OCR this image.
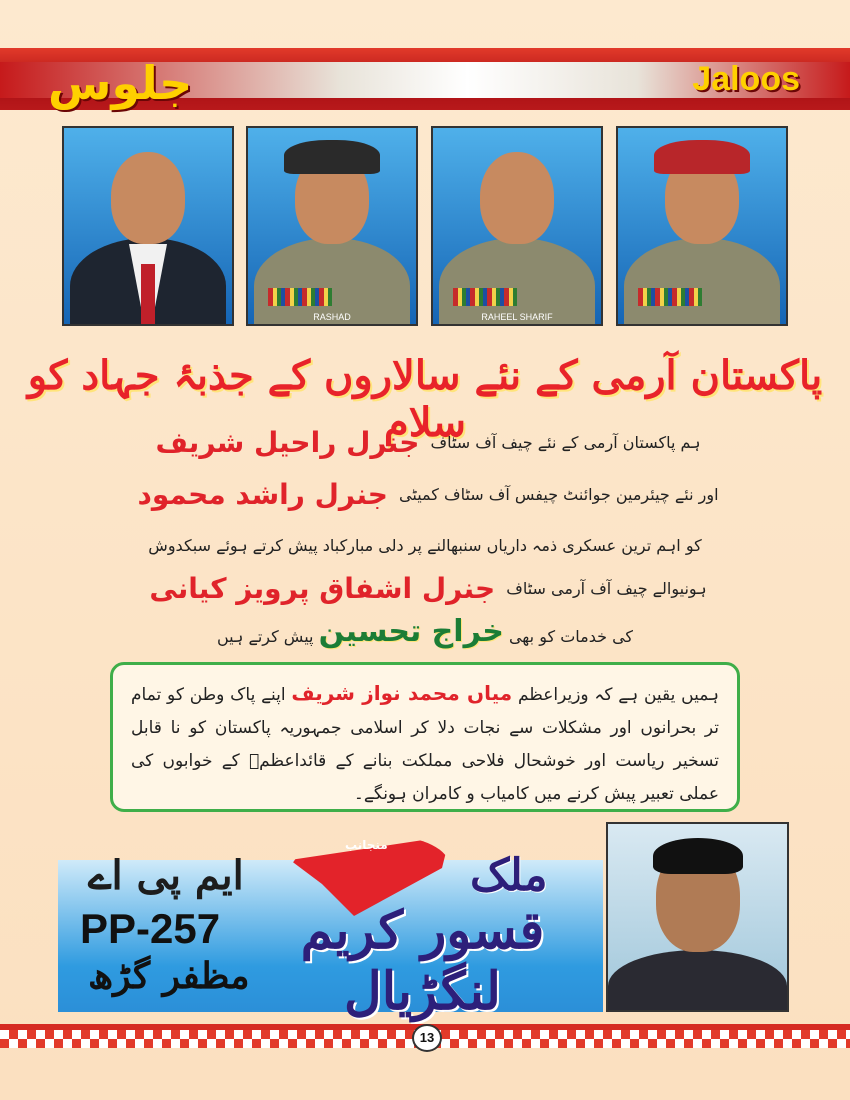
جلوس	Jaloos
RASHAD	RAHEEL SHARIF
پاکستان آرمی کے نئے سالاروں کے جذبۂ جہاد کو سلام
ہم پاکستان آرمی کے نئے چیف آف سٹاف جنرل راحیل شریف
اور نئے چیئرمین جوائنٹ چیفس آف سٹاف کمیٹی جنرل راشد محمود
کو اہم ترین عسکری ذمہ داریاں سنبھالنے پر دلی مبارکباد پیش کرتے ہوئے سبکدوش
ہونیوالے چیف آف آرمی سٹاف جنرل اشفاق پرویز کیانی
کی خدمات کو بھی خراج تحسین پیش کرتے ہیں
ہمیں یقین ہے کہ وزیراعظم میاں محمد نواز شریف اپنے پاک وطن کو تمام تر بحرانوں اور مشکلات سے نجات دلا کر اسلامی جمہوریہ پاکستان کو نا قابل تسخیر ریاست اور خوشحال فلاحی مملکت بنانے کے قائداعظمؒ کے خوابوں کی عملی تعبیر پیش کرنے میں کامیاب و کامران ہونگے۔
منجانب
ایم پی اے
PP-257
مظفر گڑھ
ملک
قسور کریم لنگڑیال
13
